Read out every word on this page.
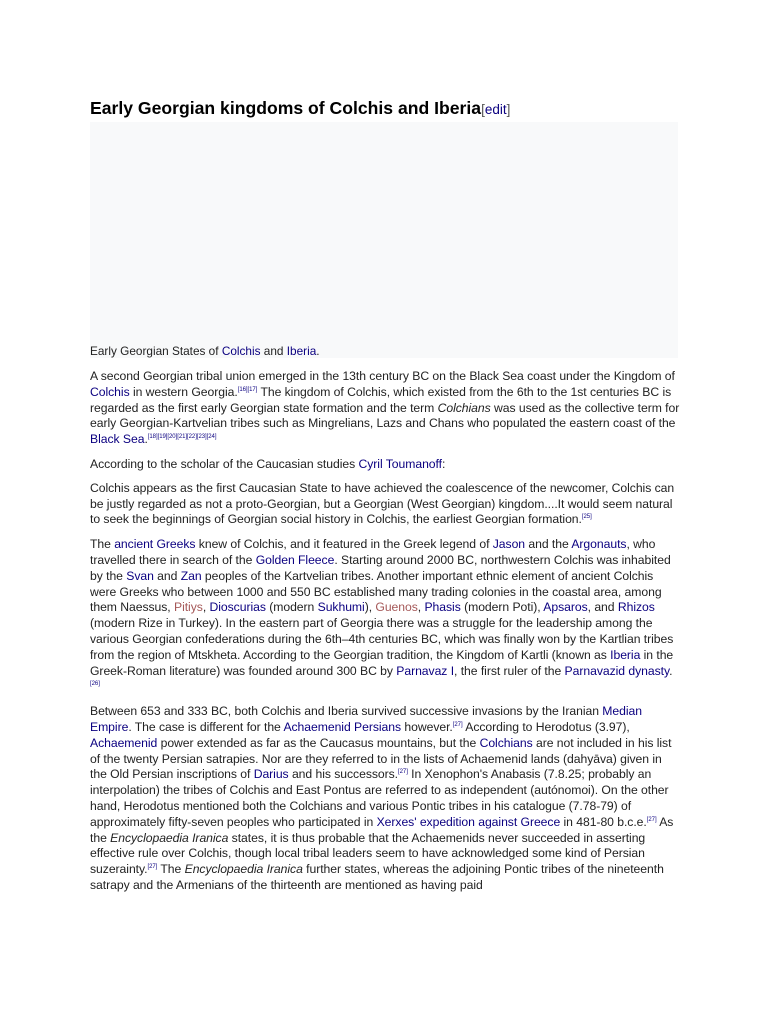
Early Georgian kingdoms of Colchis and Iberia[edit]
Early Georgian States of Colchis and Iberia.

A second Georgian tribal union emerged in the 13th century BC on the Black Sea coast under the Kingdom of Colchis in western Georgia.[16][17] The kingdom of Colchis, which existed from the 6th to the 1st centuries BC is regarded as the first early Georgian state formation and the term Colchians was used as the collective term for early Georgian-Kartvelian tribes such as Mingrelians, Lazs and Chans who populated the eastern coast of the Black Sea.[18][19][20][21][22][23][24]

According to the scholar of the Caucasian studies Cyril Toumanoff:

Colchis appears as the first Caucasian State to have achieved the coalescence of the newcomer, Colchis can be justly regarded as not a proto-Georgian, but a Georgian (West Georgian) kingdom....It would seem natural to seek the beginnings of Georgian social history in Colchis, the earliest Georgian formation.[25]

The ancient Greeks knew of Colchis, and it featured in the Greek legend of Jason and the Argonauts, who travelled there in search of the Golden Fleece. Starting around 2000 BC, northwestern Colchis was inhabited by the Svan and Zan peoples of the Kartvelian tribes. Another important ethnic element of ancient Colchis were Greeks who between 1000 and 550 BC established many trading colonies in the coastal area, among them Naessus, Pitiys, Dioscurias (modern Sukhumi), Guenos, Phasis (modern Poti), Apsaros, and Rhizos (modern Rize in Turkey). In the eastern part of Georgia there was a struggle for the leadership among the various Georgian confederations during the 6th–4th centuries BC, which was finally won by the Kartlian tribes from the region of Mtskheta. According to the Georgian tradition, the Kingdom of Kartli (known as Iberia in the Greek-Roman literature) was founded around 300 BC by Parnavaz I, the first ruler of the Parnavazid dynasty.[26]

Between 653 and 333 BC, both Colchis and Iberia survived successive invasions by the Iranian Median Empire. The case is different for the Achaemenid Persians however.[27] According to Herodotus (3.97), Achaemenid power extended as far as the Caucasus mountains, but the Colchians are not included in his list of the twenty Persian satrapies. Nor are they referred to in the lists of Achaemenid lands (dahyāva) given in the Old Persian inscriptions of Darius and his successors.[27] In Xenophon's Anabasis (7.8.25; probably an interpolation) the tribes of Colchis and East Pontus are referred to as independent (autónomoi). On the other hand, Herodotus mentioned both the Colchians and various Pontic tribes in his catalogue (7.78-79) of approximately fifty-seven peoples who participated in Xerxes' expedition against Greece in 481-80 b.c.e.[27] As the Encyclopaedia Iranica states, it is thus probable that the Achaemenids never succeeded in asserting effective rule over Colchis, though local tribal leaders seem to have acknowledged some kind of Persian suzerainty.[27] The Encyclopaedia Iranica further states, whereas the adjoining Pontic tribes of the nineteenth satrapy and the Armenians of the thirteenth are mentioned as having paid
